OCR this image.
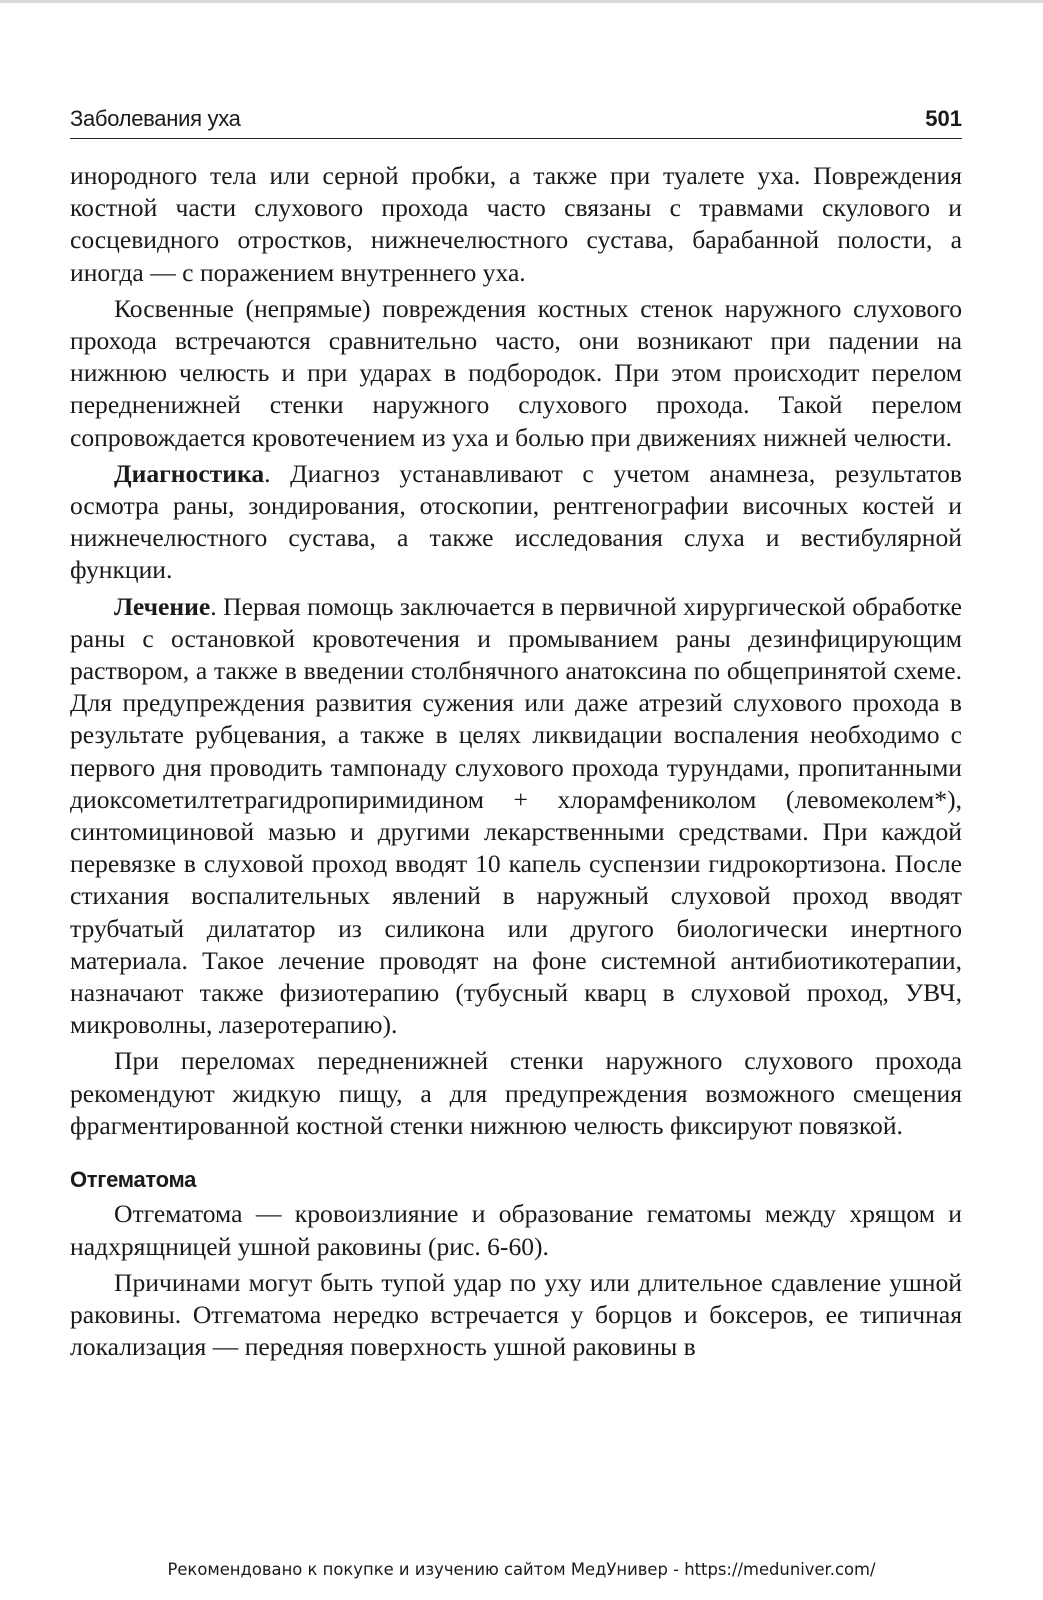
Заболевания уха	501

инородного тела или серной пробки, а также при туалете уха. Повреждения костной части слухового прохода часто связаны с травмами скулового и сосцевидного отростков, нижнечелюстного сустава, барабанной полости, а иногда — с поражением внутреннего уха.

Косвенные (непрямые) повреждения костных стенок наружного слухового прохода встречаются сравнительно часто, они возникают при падении на нижнюю челюсть и при ударах в подбородок. При этом происходит перелом передненижней стенки наружного слухового прохода. Такой перелом сопровождается кровотечением из уха и болью при движениях нижней челюсти.

Диагностика. Диагноз устанавливают с учетом анамнеза, результатов осмотра раны, зондирования, отоскопии, рентгенографии височных костей и нижнечелюстного сустава, а также исследования слуха и вестибулярной функции.

Лечение. Первая помощь заключается в первичной хирургической обработке раны с остановкой кровотечения и промыванием раны дезинфицирующим раствором, а также в введении столбнячного анатоксина по общепринятой схеме. Для предупреждения развития сужения или даже атрезий слухового прохода в результате рубцевания, а также в целях ликвидации воспаления необходимо с первого дня проводить тампонаду слухового прохода турундами, пропитанными диоксометилтетрагидропиримидином + хлорамфениколом (левомеколем*), синтомициновой мазью и другими лекарственными средствами. При каждой перевязке в слуховой проход вводят 10 капель суспензии гидрокортизона. После стихания воспалительных явлений в наружный слуховой проход вводят трубчатый дилататор из силикона или другого биологически инертного материала. Такое лечение проводят на фоне системной антибиотикотерапии, назначают также физиотерапию (тубусный кварц в слуховой проход, УВЧ, микроволны, лазеротерапию).

При переломах передненижней стенки наружного слухового прохода рекомендуют жидкую пищу, а для предупреждения возможного смещения фрагментированной костной стенки нижнюю челюсть фиксируют повязкой.

Отгематома

Отгематома — кровоизлияние и образование гематомы между хрящом и надхрящницей ушной раковины (рис. 6-60).

Причинами могут быть тупой удар по уху или длительное сдавление ушной раковины. Отгематома нередко встречается у борцов и боксеров, ее типичная локализация — передняя поверхность ушной раковины в

Рекомендовано к покупке и изучению сайтом МедУнивер - https://meduniver.com/
